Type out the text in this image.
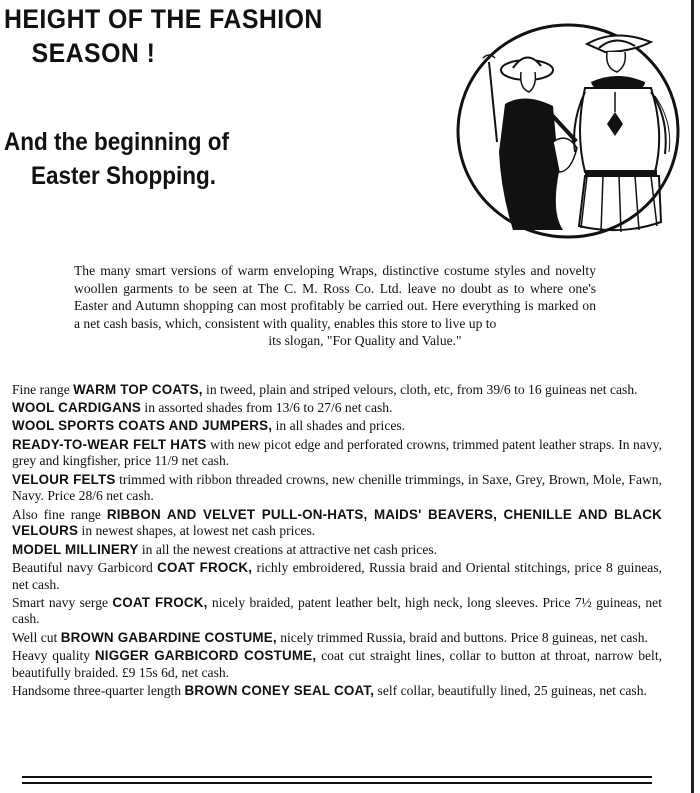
HEIGHT OF THE FASHION
SEASON !
And the beginning of
Easter Shopping.

The many smart versions of warm enveloping Wraps, distinctive costume styles and novelty woollen garments to be seen at The C. M. Ross Co. Ltd. leave no doubt as to where one's Easter and Autumn shopping can most profitably be carried out. Here everything is marked on a net cash basis, which, consistent with quality, enables this store to live up to
its slogan, "For Quality and Value."

Fine range WARM TOP COATS, in tweed, plain and striped velours, cloth, etc, from 39/6 to 16 guineas net cash.
WOOL CARDIGANS in assorted shades from 13/6 to 27/6 net cash.
WOOL SPORTS COATS AND JUMPERS, in all shades and prices.
READY-TO-WEAR FELT HATS with new picot edge and perforated crowns, trimmed patent leather straps. In navy, grey and kingfisher, price 11/9 net cash.
VELOUR FELTS trimmed with ribbon threaded crowns, new chenille trimmings, in Saxe, Grey, Brown, Mole, Fawn, Navy. Price 28/6 net cash.
Also fine range RIBBON AND VELVET PULL-ON-HATS, MAIDS' BEAVERS, CHENILLE AND BLACK VELOURS in newest shapes, at lowest net cash prices.
MODEL MILLINERY in all the newest creations at attractive net cash prices.
Beautiful navy Garbicord COAT FROCK, richly embroidered, Russia braid and Oriental stitchings, price 8 guineas, net cash.
Smart navy serge COAT FROCK, nicely braided, patent leather belt, high neck, long sleeves. Price 7½ guineas, net cash.
Well cut BROWN GABARDINE COSTUME, nicely trimmed Russia, braid and buttons. Price 8 guineas, net cash.
Heavy quality NIGGER GARBICORD COSTUME, coat cut straight lines, collar to button at throat, narrow belt, beautifully braided. £9 15s 6d, net cash.
Handsome three-quarter length BROWN CONEY SEAL COAT, self collar, beautifully lined, 25 guineas, net cash.
